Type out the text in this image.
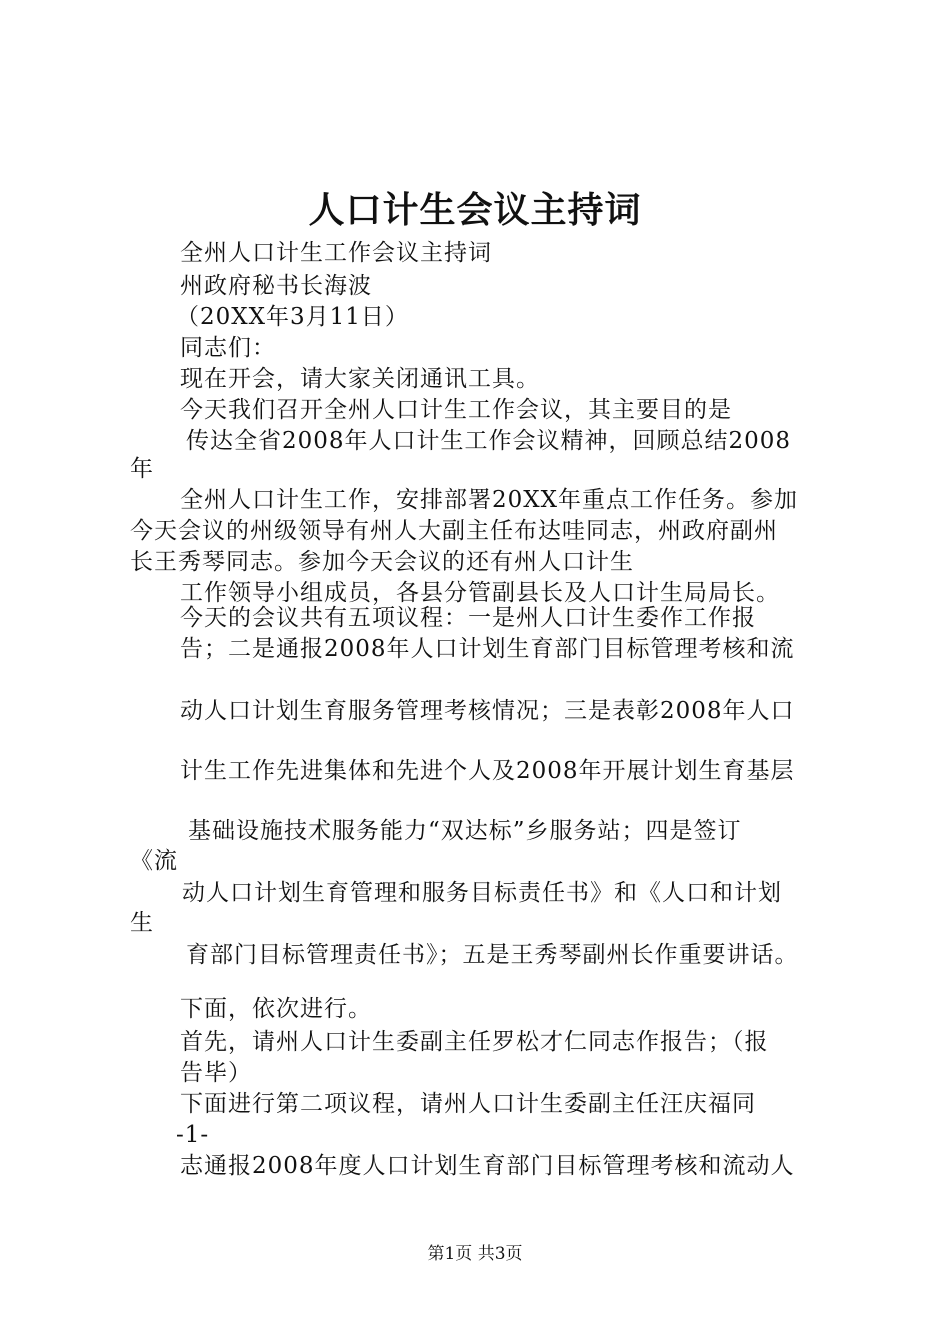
人口计生会议主持词
全州人口计生工作会议主持词
州政府秘书长海波
（20XX年3月11日）
同志们：
现在开会，请大家关闭通讯工具。
今天我们召开全州人口计生工作会议，其主要目的是
传达全省2008年人口计生工作会议精神，回顾总结2008
年
全州人口计生工作，安排部署20XX年重点工作任务。参加
今天会议的州级领导有州人大副主任布达哇同志，州政府副州
长王秀琴同志。参加今天会议的还有州人口计生
工作领导小组成员，各县分管副县长及人口计生局局长。
今天的会议共有五项议程：一是州人口计生委作工作报
告；二是通报2008年人口计划生育部门目标管理考核和流
动人口计划生育服务管理考核情况；三是表彰2008年人口
计生工作先进集体和先进个人及2008年开展计划生育基层
基础设施技术服务能力“双达标”乡服务站；四是签订
《流
动人口计划生育管理和服务目标责任书》和《人口和计划
生
育部门目标管理责任书》；五是王秀琴副州长作重要讲话。
下面，依次进行。
首先，请州人口计生委副主任罗松才仁同志作报告；（报
告毕）
下面进行第二项议程，请州人口计生委副主任汪庆福同
-1-
志通报2008年度人口计划生育部门目标管理考核和流动人
第1页 共3页
